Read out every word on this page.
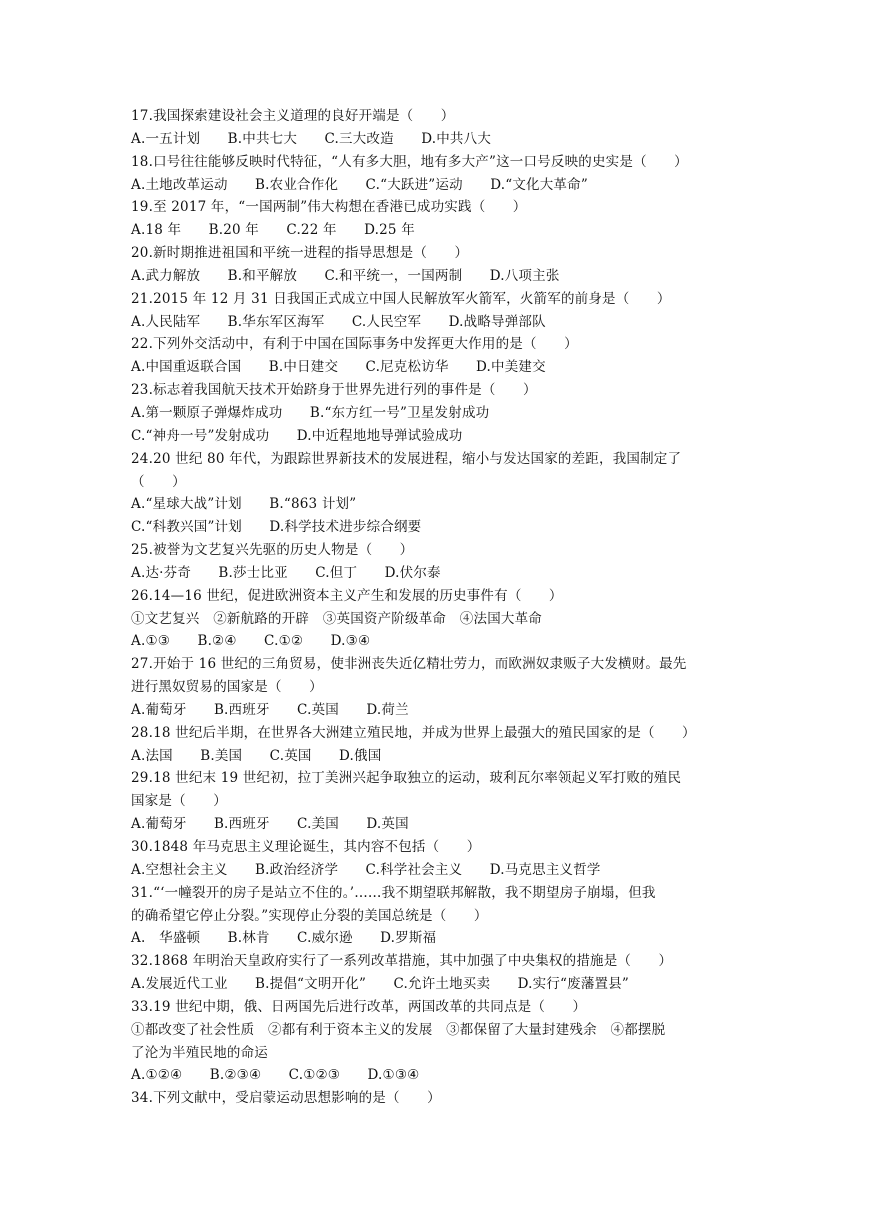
17.我国探索建设社会主义道理的良好开端是（　　）
A.一五计划　　B.中共七大　　C.三大改造　　D.中共八大
18.口号往往能够反映时代特征，“人有多大胆，地有多大产”这一口号反映的史实是（　　）
A.土地改革运动　　B.农业合作化　　C.“大跃进”运动　　D.“文化大革命”
19.至 2017 年，“一国两制”伟大构想在香港已成功实践（　　）
A.18 年　　B.20 年　　C.22 年　　D.25 年
20.新时期推进祖国和平统一进程的指导思想是（　　）
A.武力解放　　B.和平解放　　C.和平统一，一国两制　　D.八项主张
21.2015 年 12 月 31 日我国正式成立中国人民解放军火箭军，火箭军的前身是（　　）
A.人民陆军　　B.华东军区海军　　C.人民空军　　D.战略导弹部队
22.下列外交活动中，有利于中国在国际事务中发挥更大作用的是（　　）
A.中国重返联合国　　B.中日建交　　C.尼克松访华　　D.中美建交
23.标志着我国航天技术开始跻身于世界先进行列的事件是（　　）
A.第一颗原子弹爆炸成功　　B.“东方红一号”卫星发射成功
C.“神舟一号”发射成功　　D.中近程地地导弹试验成功
24.20 世纪 80 年代，为跟踪世界新技术的发展进程，缩小与发达国家的差距，我国制定了
（　　）
A.“星球大战”计划　　B.“863 计划”
C.“科教兴国”计划　　D.科学技术进步综合纲要
25.被誉为文艺复兴先驱的历史人物是（　　）
A.达·芬奇　　B.莎士比亚　　C.但丁　　D.伏尔泰
26.14—16 世纪，促进欧洲资本主义产生和发展的历史事件有（　　）
①文艺复兴　②新航路的开辟　③英国资产阶级革命　④法国大革命
A.①③　　B.②④　　C.①②　　D.③④
27.开始于 16 世纪的三角贸易，使非洲丧失近亿精壮劳力，而欧洲奴隶贩子大发横财。最先
进行黑奴贸易的国家是（　　）
A.葡萄牙　　B.西班牙　　C.英国　　D.荷兰
28.18 世纪后半期，在世界各大洲建立殖民地，并成为世界上最强大的殖民国家的是（　　）
A.法国　　B.美国　　C.英国　　D.俄国
29.18 世纪末 19 世纪初，拉丁美洲兴起争取独立的运动，玻利瓦尔率领起义军打败的殖民
国家是（　　）
A.葡萄牙　　B.西班牙　　C.美国　　D.英国
30.1848 年马克思主义理论诞生，其内容不包括（　　）
A.空想社会主义　　B.政治经济学　　C.科学社会主义　　D.马克思主义哲学
31.“‘一幢裂开的房子是站立不住的。’……我不期望联邦解散，我不期望房子崩塌，但我
的确希望它停止分裂。”实现停止分裂的美国总统是（　　）
A.　华盛顿　　B.林肯　　C.威尔逊　　D.罗斯福
32.1868 年明治天皇政府实行了一系列改革措施，其中加强了中央集权的措施是（　　）
A.发展近代工业　　B.提倡“文明开化”　　C.允许土地买卖　　D.实行“废藩置县”
33.19 世纪中期，俄、日两国先后进行改革，两国改革的共同点是（　　）
①都改变了社会性质　②都有利于资本主义的发展　③都保留了大量封建残余　④都摆脱
了沦为半殖民地的命运
A.①②④　　B.②③④　　C.①②③　　D.①③④
34.下列文献中，受启蒙运动思想影响的是（　　）
